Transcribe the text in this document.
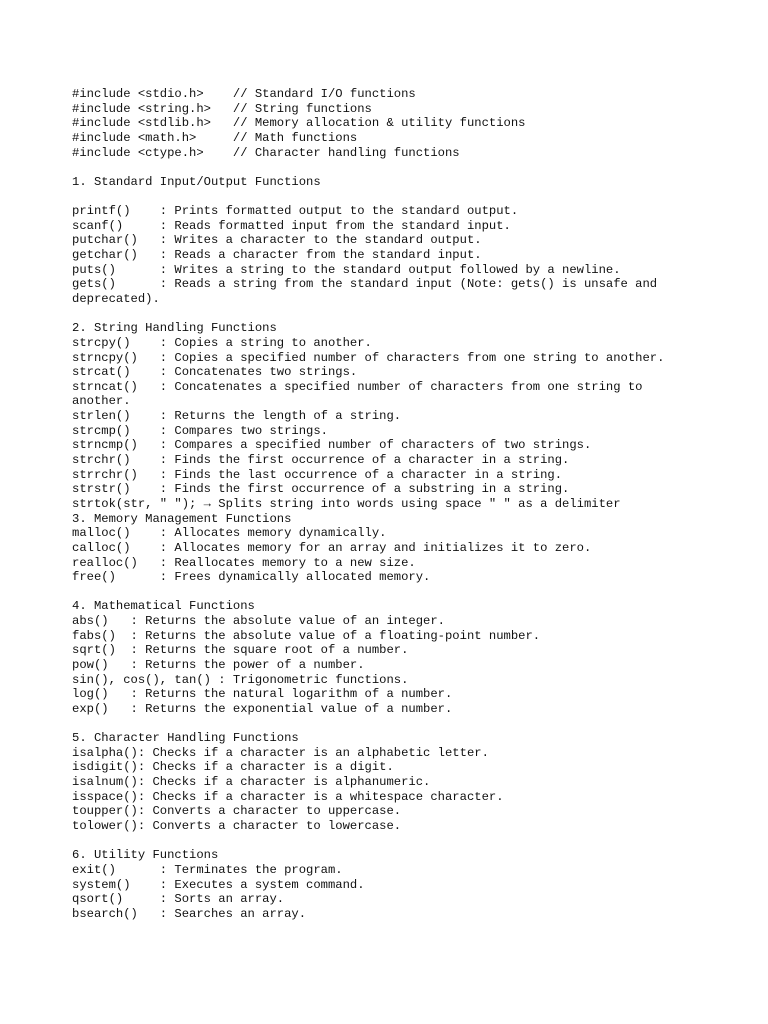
#include <stdio.h>    // Standard I/O functions
#include <string.h>   // String functions
#include <stdlib.h>   // Memory allocation & utility functions
#include <math.h>     // Math functions
#include <ctype.h>    // Character handling functions
1. Standard Input/Output Functions
printf()    : Prints formatted output to the standard output.
scanf()     : Reads formatted input from the standard input.
putchar()   : Writes a character to the standard output.
getchar()   : Reads a character from the standard input.
puts()      : Writes a string to the standard output followed by a newline.
gets()      : Reads a string from the standard input (Note: gets() is unsafe and
deprecated).
2. String Handling Functions
strcpy()    : Copies a string to another.
strncpy()   : Copies a specified number of characters from one string to another.
strcat()    : Concatenates two strings.
strncat()   : Concatenates a specified number of characters from one string to
another.
strlen()    : Returns the length of a string.
strcmp()    : Compares two strings.
strncmp()   : Compares a specified number of characters of two strings.
strchr()    : Finds the first occurrence of a character in a string.
strrchr()   : Finds the last occurrence of a character in a string.
strstr()    : Finds the first occurrence of a substring in a string.
strtok(str, " "); → Splits string into words using space " " as a delimiter
3. Memory Management Functions
malloc()    : Allocates memory dynamically.
calloc()    : Allocates memory for an array and initializes it to zero.
realloc()   : Reallocates memory to a new size.
free()      : Frees dynamically allocated memory.
4. Mathematical Functions
abs()   : Returns the absolute value of an integer.
fabs()  : Returns the absolute value of a floating-point number.
sqrt()  : Returns the square root of a number.
pow()   : Returns the power of a number.
sin(), cos(), tan() : Trigonometric functions.
log()   : Returns the natural logarithm of a number.
exp()   : Returns the exponential value of a number.
5. Character Handling Functions
isalpha(): Checks if a character is an alphabetic letter.
isdigit(): Checks if a character is a digit.
isalnum(): Checks if a character is alphanumeric.
isspace(): Checks if a character is a whitespace character.
toupper(): Converts a character to uppercase.
tolower(): Converts a character to lowercase.
6. Utility Functions
exit()      : Terminates the program.
system()    : Executes a system command.
qsort()     : Sorts an array.
bsearch()   : Searches an array.
